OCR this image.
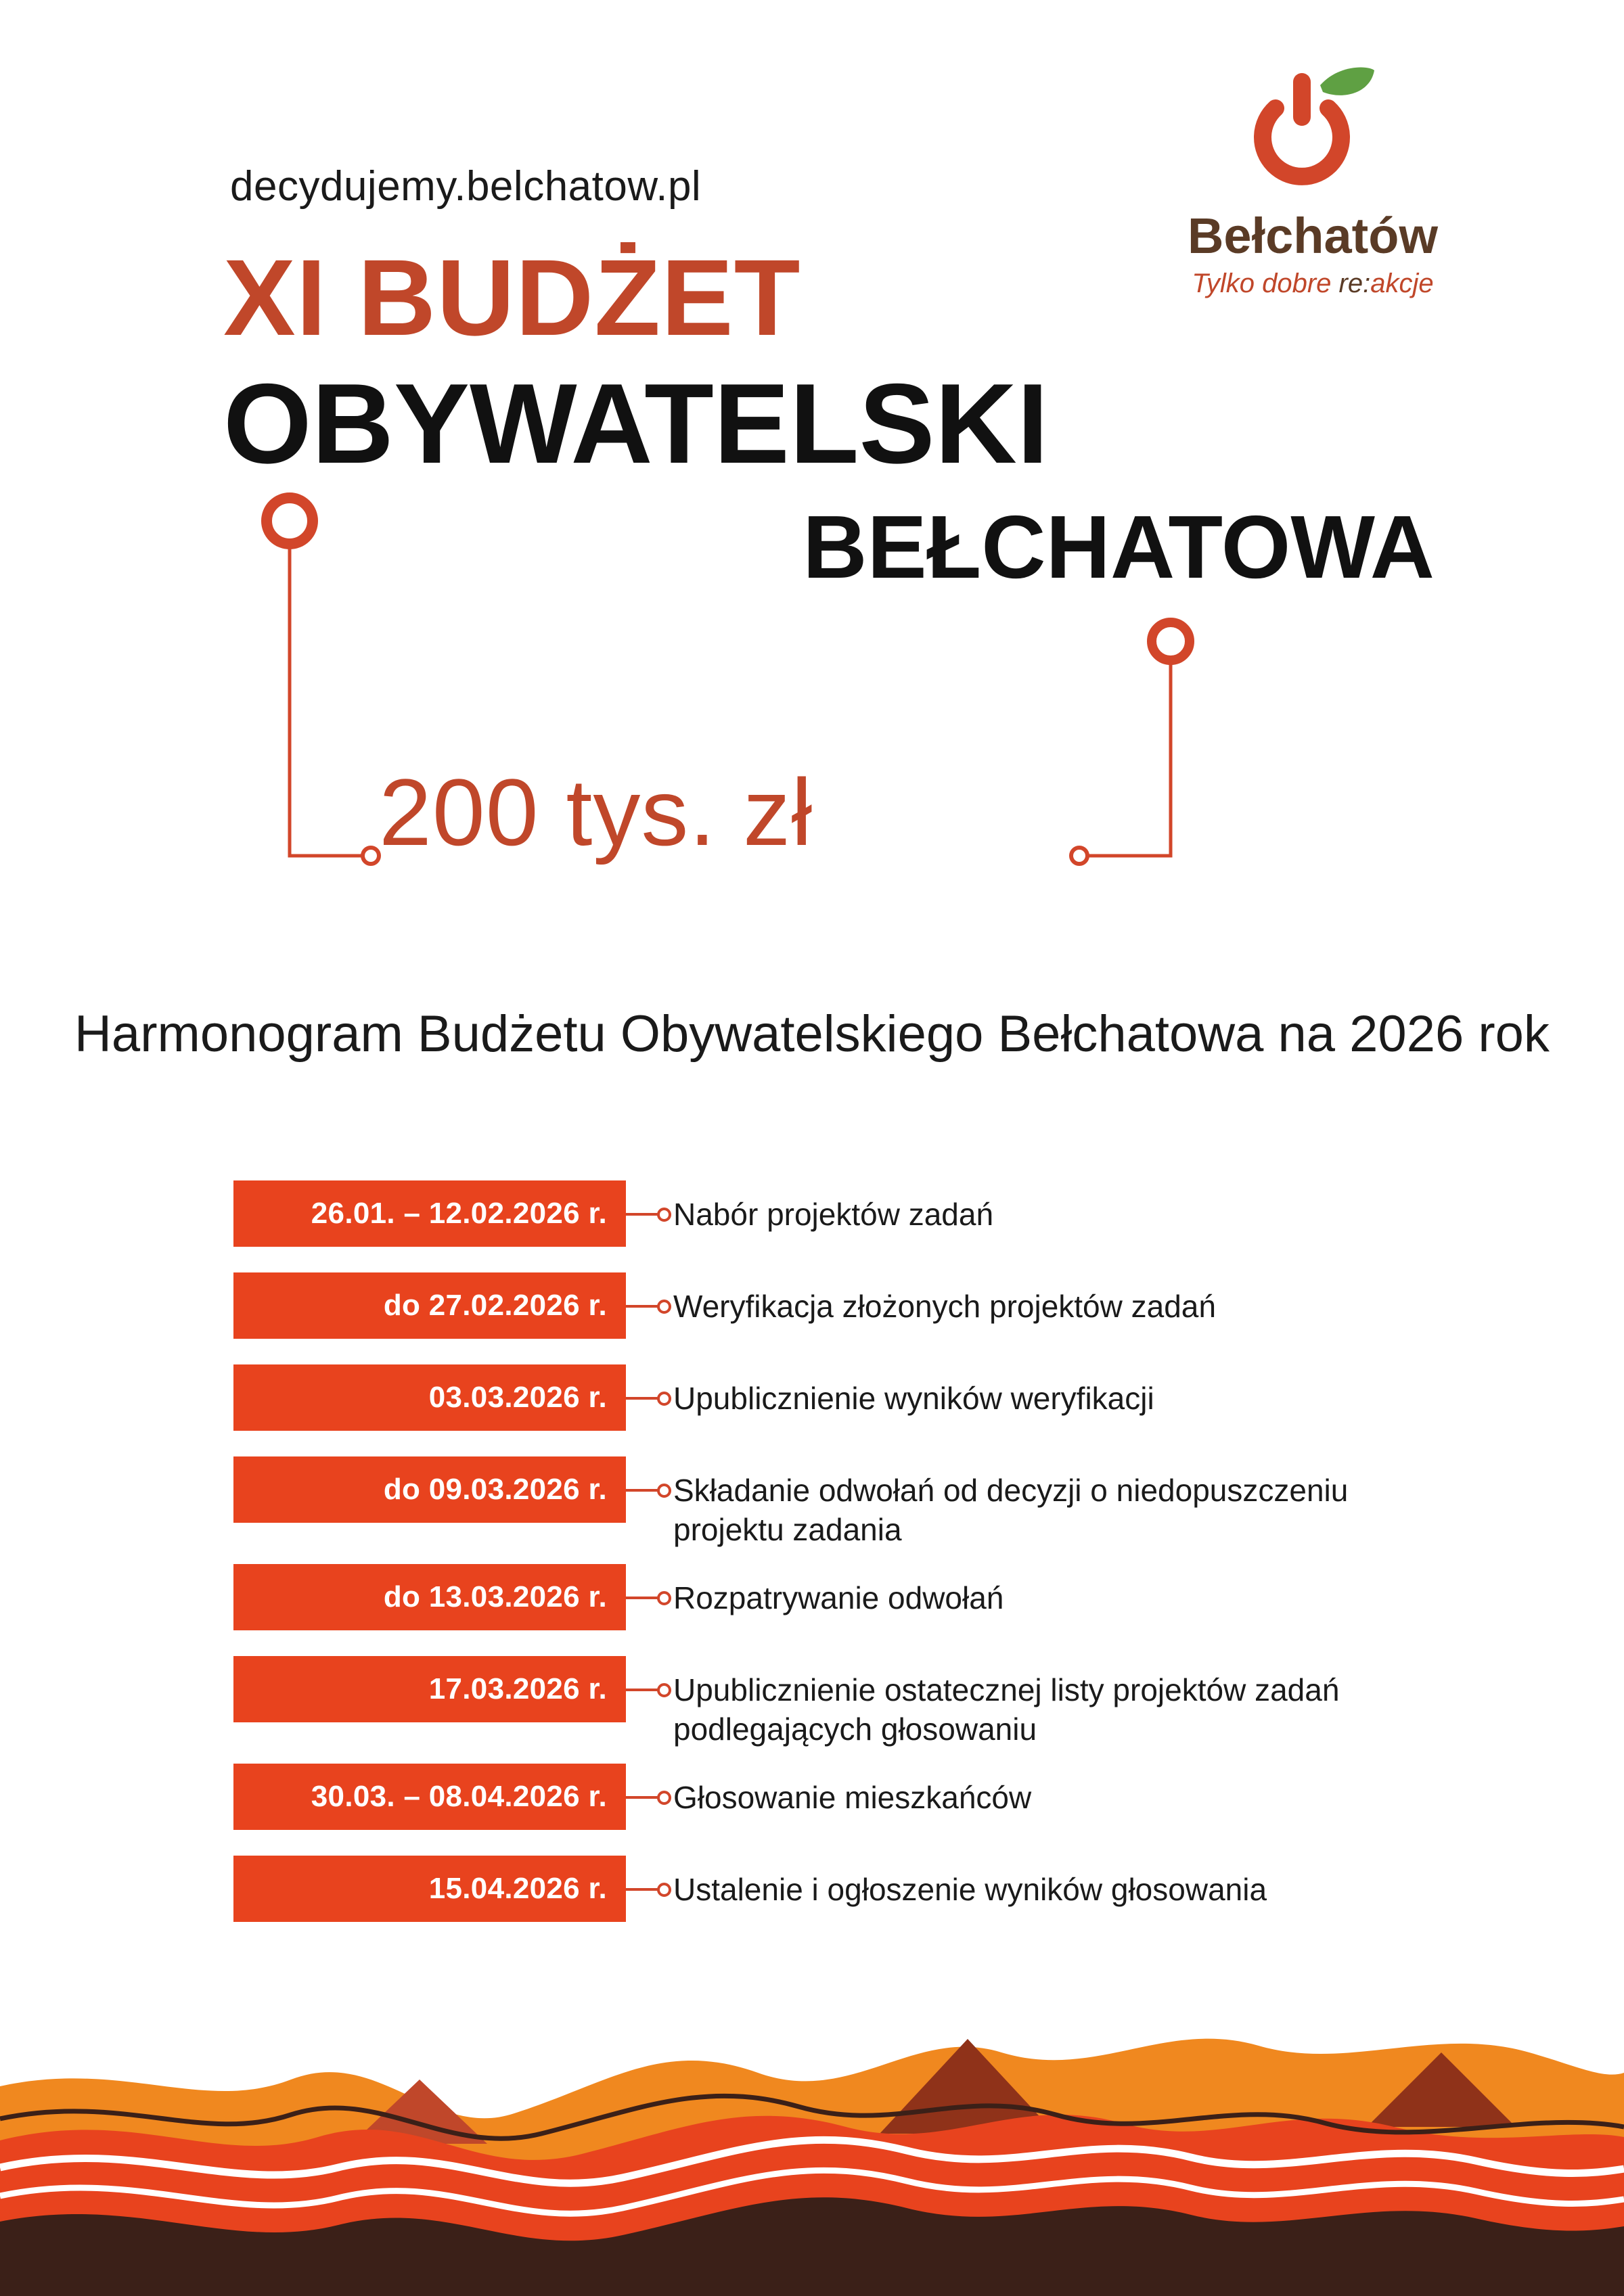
decydujemy.belchatow.pl
Bełchatów
Tylko dobre re:akcje
XI BUDŻET
OBYWATELSKI
BEŁCHATOWA
200 tys. zł
Harmonogram Budżetu Obywatelskiego Bełchatowa na 2026 rok
26.01. – 12.02.2026 r.	Nabór projektów zadań
do 27.02.2026 r.	Weryfikacja złożonych projektów zadań
03.03.2026 r.	Upublicznienie wyników weryfikacji
do 09.03.2026 r.	Składanie odwołań od decyzji o niedopuszczeniu projektu zadania
do 13.03.2026 r.	Rozpatrywanie odwołań
17.03.2026 r.	Upublicznienie ostatecznej listy projektów zadań podlegających głosowaniu
30.03. – 08.04.2026 r.	Głosowanie mieszkańców
15.04.2026 r.	Ustalenie i ogłoszenie wyników głosowania
